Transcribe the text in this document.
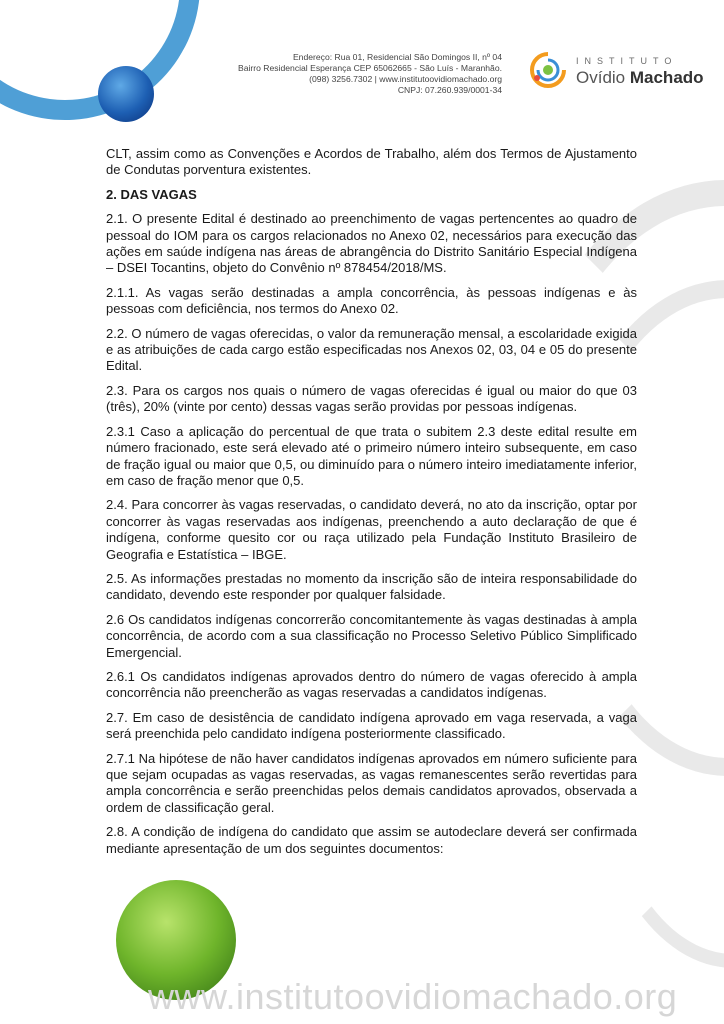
Endereço: Rua 01, Residencial São Domingos II, nº 04
Bairro Residencial Esperança CEP 65062665 - São Luís - Maranhão.
(098) 3256.7302 | www.institutoovidiomachado.org
CNPJ: 07.260.939/0001-34
INSTITUTO
Ovídio Machado

CLT, assim como as Convenções e Acordos de Trabalho, além dos Termos de Ajustamento de Condutas porventura existentes.

2. DAS VAGAS

2.1. O presente Edital é destinado ao preenchimento de vagas pertencentes ao quadro de pessoal do IOM para os cargos relacionados no Anexo 02, necessários para execução das ações em saúde indígena nas áreas de abrangência do Distrito Sanitário Especial Indígena – DSEI Tocantins, objeto do Convênio nº 878454/2018/MS.

2.1.1. As vagas serão destinadas a ampla concorrência, às pessoas indígenas e às pessoas com deficiência, nos termos do Anexo 02.

2.2. O número de vagas oferecidas, o valor da remuneração mensal, a escolaridade exigida e as atribuições de cada cargo estão especificadas nos Anexos 02, 03, 04 e 05 do presente Edital.

2.3. Para os cargos nos quais o número de vagas oferecidas é igual ou maior do que 03 (três), 20% (vinte por cento) dessas vagas serão providas por pessoas indígenas.

2.3.1 Caso a aplicação do percentual de que trata o subitem 2.3 deste edital resulte em número fracionado, este será elevado até o primeiro número inteiro subsequente, em caso de fração igual ou maior que 0,5, ou diminuído para o número inteiro imediatamente inferior, em caso de fração menor que 0,5.

2.4. Para concorrer às vagas reservadas, o candidato deverá, no ato da inscrição, optar por concorrer às vagas reservadas aos indígenas, preenchendo a auto declaração de que é indígena, conforme quesito cor ou raça utilizado pela Fundação Instituto Brasileiro de Geografia e Estatística – IBGE.

2.5. As informações prestadas no momento da inscrição são de inteira responsabilidade do candidato, devendo este responder por qualquer falsidade.

2.6 Os candidatos indígenas concorrerão concomitantemente às vagas destinadas à ampla concorrência, de acordo com a sua classificação no Processo Seletivo Público Simplificado Emergencial.

2.6.1 Os candidatos indígenas aprovados dentro do número de vagas oferecido à ampla concorrência não preencherão as vagas reservadas a candidatos indígenas.

2.7. Em caso de desistência de candidato indígena aprovado em vaga reservada, a vaga será preenchida pelo candidato indígena posteriormente classificado.

2.7.1 Na hipótese de não haver candidatos indígenas aprovados em número suficiente para que sejam ocupadas as vagas reservadas, as vagas remanescentes serão revertidas para ampla concorrência e serão preenchidas pelos demais candidatos aprovados, observada a ordem de classificação geral.

2.8. A condição de indígena do candidato que assim se autodeclare deverá ser confirmada mediante apresentação de um dos seguintes documentos:

www.institutoovidiomachado.org
